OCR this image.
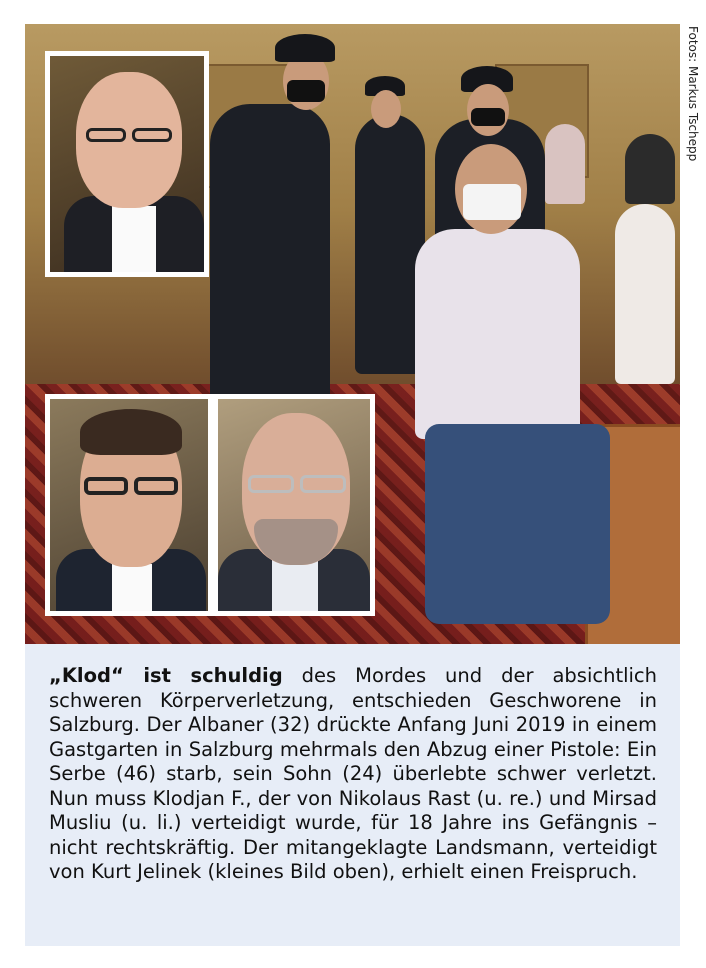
Fotos: Markus Tschepp
„Klod“ ist schuldig des Mordes und der absichtlich schweren Körperverletzung, entschieden Geschworene in Salzburg. Der Albaner (32) drückte Anfang Juni 2019 in einem Gastgarten in Salzburg mehrmals den Abzug einer Pistole: Ein Serbe (46) starb, sein Sohn (24) überlebte schwer verletzt. Nun muss Klodjan F., der von Nikolaus Rast (u. re.) und Mirsad Musliu (u. li.) verteidigt wurde, für 18 Jahre ins Gefängnis – nicht rechtskräftig. Der mitangeklagte Landsmann, verteidigt von Kurt Jelinek (kleines Bild oben), erhielt einen Freispruch.
